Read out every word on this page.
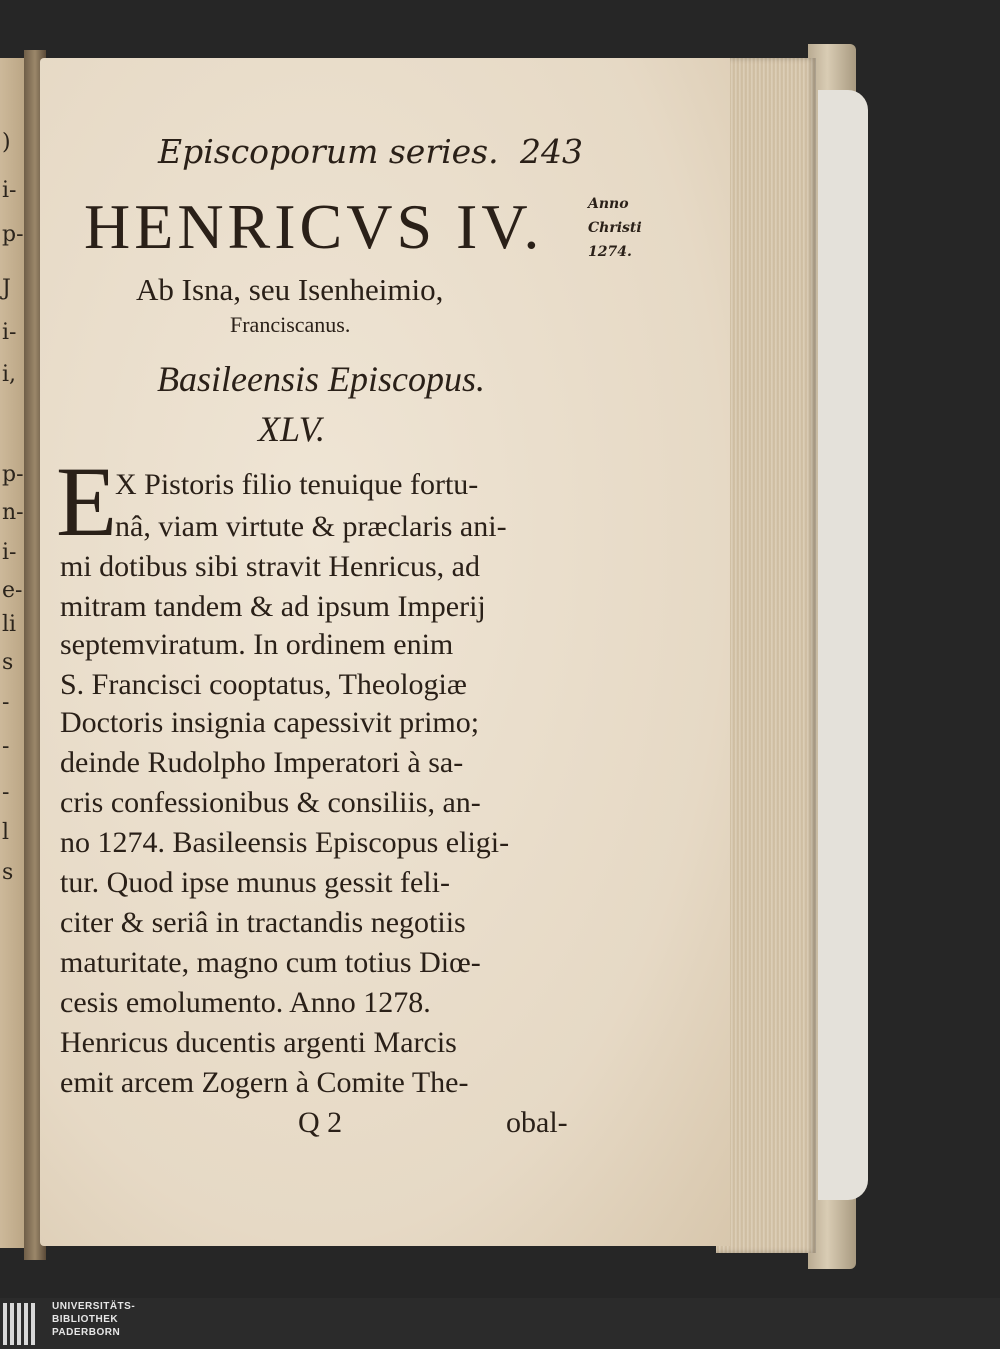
)
i-
p-
J
i-
i,
p-
n-
i-
e-
li
s
-
-
-
l
s
Episcoporum series. 243
Anno
Christi
1274.
HENRICVS IV.
Ab Isna, seu Isenheimio,
Franciscanus.
Basileensis Episcopus.
XLV.
E
X Pistoris filio tenuique fortu-
nâ, viam virtute & præclaris ani-
mi dotibus sibi stravit Henricus, ad
mitram tandem & ad ipsum Imperij
septemviratum. In ordinem enim
S. Francisci cooptatus, Theologiæ
Doctoris insignia capessivit primo;
deinde Rudolpho Imperatori à sa-
cris confessionibus & consiliis, an-
no 1274. Basileensis Episcopus eligi-
tur. Quod ipse munus gessit feli-
citer & seriâ in tractandis negotiis
maturitate, magno cum totius Diœ-
cesis emolumento. Anno 1278.
Henricus ducentis argenti Marcis
emit arcem Zogern à Comite The-
Q 2	obal-
UNIVERSITÄTS-
BIBLIOTHEK
PADERBORN
